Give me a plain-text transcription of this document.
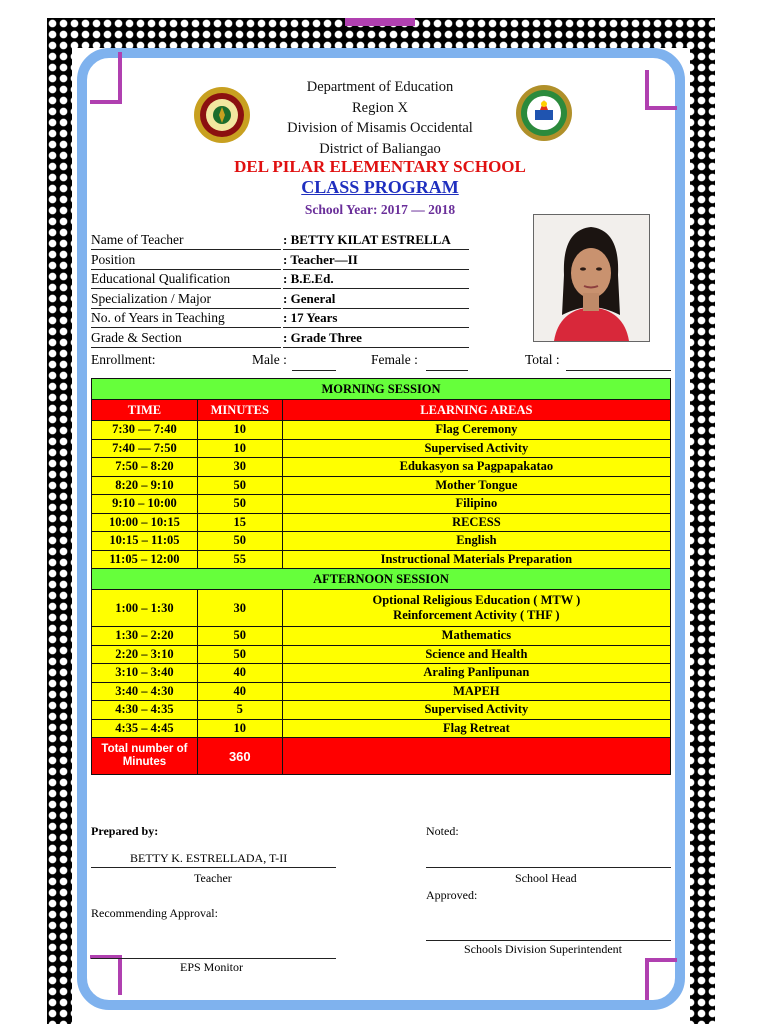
Department of Education
Region X
Division of Misamis Occidental
District of Baliangao
DEL PILAR ELEMENTARY SCHOOL
CLASS PROGRAM
School Year: 2017 — 2018
Name of Teacher	: BETTY KILAT ESTRELLA
Position	: Teacher—II
Educational Qualification	: B.E.Ed.
Specialization / Major	: General
No. of Years in Teaching	: 17 Years
Grade & Section	: Grade Three
Enrollment:	Male :	Female :	Total :
MORNING SESSION		
TIME	MINUTES	LEARNING AREAS
7:30 — 7:40	10	Flag Ceremony
7:40 — 7:50	10	Supervised Activity
7:50 – 8:20	30	Edukasyon sa Pagpapakatao
8:20 – 9:10	50	Mother Tongue
9:10 – 10:00	50	Filipino
10:00 – 10:15	15	RECESS
10:15 – 11:05	50	English
11:05 – 12:00	55	Instructional Materials Preparation
AFTERNOON SESSION		
1:00 – 1:30	30	Optional Religious Education ( MTW )
Reinforcement Activity ( THF )

1:30 – 2:20	50	Mathematics
2:20 – 3:10	50	Science and Health
3:10 – 3:40	40	Araling Panlipunan
3:40 – 4:30	40	MAPEH
4:30 – 4:35	5	Supervised Activity
4:35 – 4:45	10	Flag Retreat
Total number of Minutes	360	
Prepared by:
BETTY K. ESTRELLADA, T-II
Teacher
Noted:
School Head
Recommending Approval:
EPS Monitor
Approved:
Schools Division Superintendent
